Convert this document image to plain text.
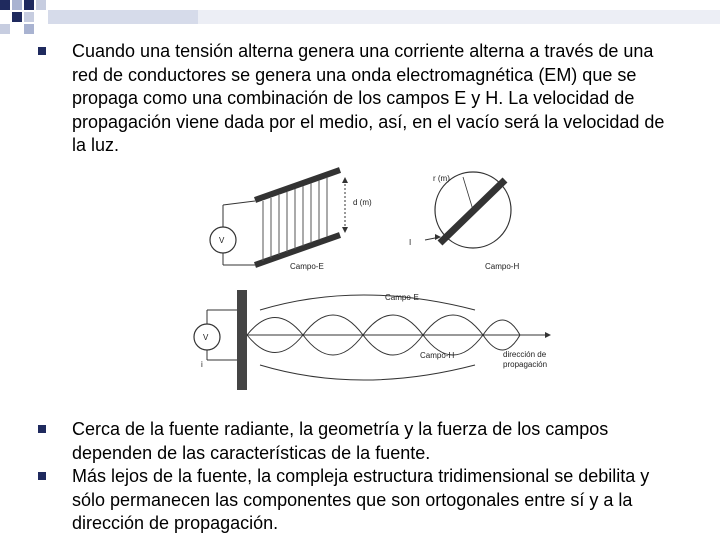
Cuando una tensión alterna genera una corriente alterna a través de una red de conductores se genera una onda electromagnética (EM) que se propaga como una combinación de los campos E y H. La velocidad de propagación viene dada por el medio, así, en el vacío será la velocidad de la luz.
V
d (m)
Campo-E
r (m)
I
Campo-H
V
i
Campo-E
Campo-H	dirección de
propagación
Cerca de la fuente radiante, la geometría y la fuerza de los campos dependen de las características de la fuente.
Más lejos de la fuente, la compleja estructura tridimensional se debilita y sólo permanecen las componentes que son ortogonales entre sí y a la dirección de propagación.
